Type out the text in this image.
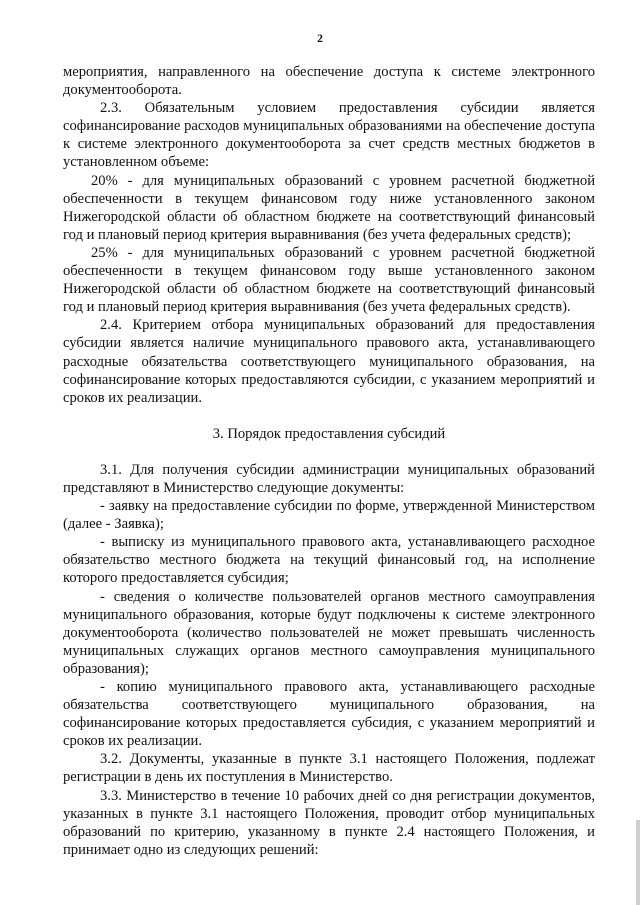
2

мероприятия, направленного на обеспечение доступа к системе электронного документооборота.

2.3. Обязательным условием предоставления субсидии является софинансирование расходов муниципальных образованиями на обеспечение доступа к системе электронного документооборота за счет средств местных бюджетов в установленном объеме:

20% - для муниципальных образований с уровнем расчетной бюджетной обеспеченности в текущем финансовом году ниже установленного законом Нижегородской области об областном бюджете на соответствующий финансовый год и плановый период критерия выравнивания (без учета федеральных средств);

25% - для муниципальных образований с уровнем расчетной бюджетной обеспеченности в текущем финансовом году выше установленного законом Нижегородской области об областном бюджете на соответствующий финансовый год и плановый период критерия выравнивания (без учета федеральных средств).

2.4. Критерием отбора муниципальных образований для предоставления субсидии является наличие муниципального правового акта, устанавливающего расходные обязательства соответствующего муниципального образования, на софинансирование которых предоставляются субсидии, с указанием мероприятий и сроков их реализации.

3. Порядок предоставления субсидий

3.1. Для получения субсидии администрации муниципальных образований представляют в Министерство следующие документы:

- заявку на предоставление субсидии по форме, утвержденной Министерством (далее - Заявка);

- выписку из муниципального правового акта, устанавливающего расходное обязательство местного бюджета на текущий финансовый год, на исполнение которого предоставляется субсидия;

- сведения о количестве пользователей органов местного самоуправления муниципального образования, которые будут подключены к системе электронного документооборота (количество пользователей не может превышать численность муниципальных служащих органов местного самоуправления муниципального образования);

- копию муниципального правового акта, устанавливающего расходные обязательства соответствующего муниципального образования, на софинансирование которых предоставляется субсидия, с указанием мероприятий и сроков их реализации.

3.2. Документы, указанные в пункте 3.1 настоящего Положения, подлежат регистрации в день их поступления в Министерство.

3.3. Министерство в течение 10 рабочих дней со дня регистрации документов, указанных в пункте 3.1 настоящего Положения, проводит отбор муниципальных образований по критерию, указанному в пункте 2.4 настоящего Положения, и принимает одно из следующих решений:
